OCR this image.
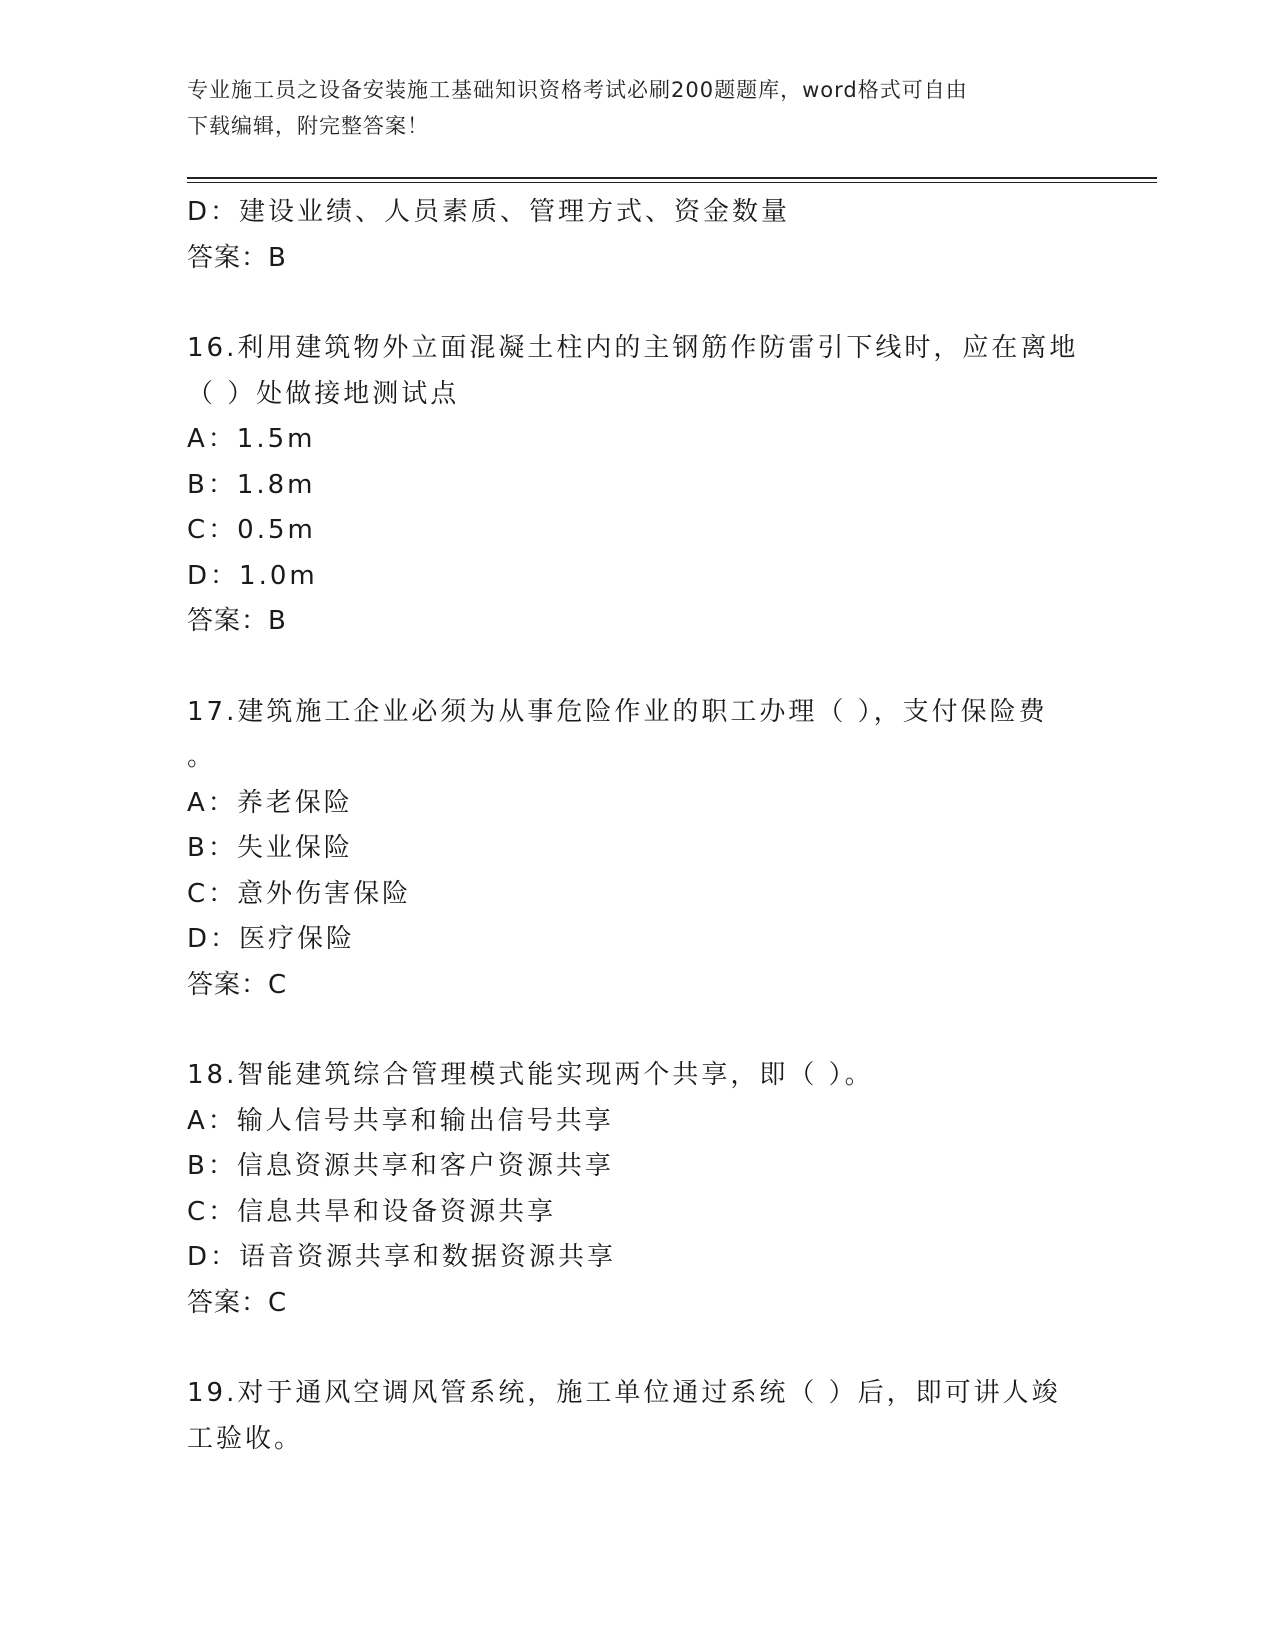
专业施工员之设备安装施工基础知识资格考试必刷200题题库，word格式可自由
下载编辑，附完整答案！
D：建设业绩、人员素质、管理方式、资金数量
答案：B
16.利用建筑物外立面混凝土柱内的主钢筋作防雷引下线时，应在离地
（ ）处做接地测试点
A：1.5m
B：1.8m
C：0.5m
D：1.0m
答案：B
17.建筑施工企业必须为从事危险作业的职工办理（ ），支付保险费
。
A：养老保险
B：失业保险
C：意外伤害保险
D：医疗保险
答案：C
18.智能建筑综合管理模式能实现两个共享，即（ ）。
A：输人信号共享和输出信号共享
B：信息资源共享和客户资源共享
C：信息共旱和设备资源共享
D：语音资源共享和数据资源共享
答案：C
19.对于通风空调风管系统，施工单位通过系统（ ）后，即可讲人竣
工验收。
